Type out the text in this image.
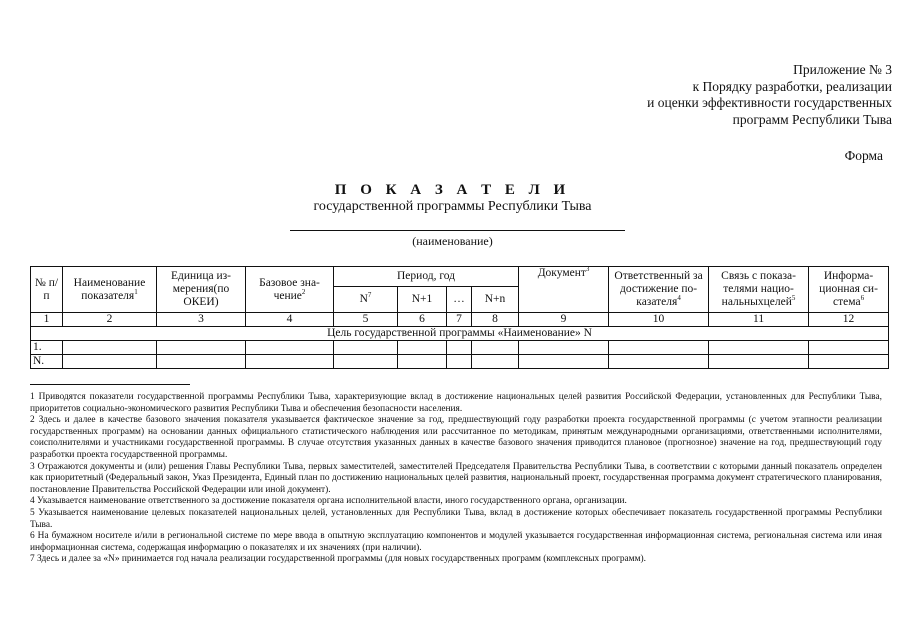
Приложение № 3
к Порядку разработки, реализации
и оценки эффективности государственных
программ Республики Тыва
Форма
П О К А З А Т Е Л И
государственной программы Республики Тыва
(наименование)
№ п/п	Наименование показателя$^1$	Единица из-мерения(по ОКЕИ)	Базовое зна-чение$^2$	Период, год				Документ$^3$	Ответственный за достижение по-казателя$^4$	Связь с показа-телями нацио-нальныхцелей$^5$	Информа-ционная си-стема$^6$
				$N^7$	N+1	…	N+n				
1	2	3	4	5	6	7	8	9	10	11	12
Цель государственной программы «Наименование» N											
1.											
N.											

1 Приводятся показатели государственной программы Республики Тыва, характеризующие вклад в достижение национальных целей развития Российской Федерации, установленных для Республики Тыва, приоритетов социально-экономического развития Республики Тыва и обеспечения безопасности населения.

2 Здесь и далее в качестве базового значения показателя указывается фактическое значение за год, предшествующий году разработки проекта государственной программы (с учетом этапности реализации государственных программ) на основании данных официального статистического наблюдения или рассчитанное по методикам, принятым международными организациями, ответственными исполнителями, соисполнителями и участниками государственной программы. В случае отсутствия указанных данных в качестве базового значения приводится плановое (прогнозное) значение на год, предшествующий году разработки проекта государственной программы.

3 Отражаются документы и (или) решения Главы Республики Тыва, первых заместителей, заместителей Председателя Правительства Республики Тыва, в соответствии с которыми данный показатель определен как приоритетный (Федеральный закон, Указ Президента, Единый план по достижению национальных целей развития, национальный проект, государственная программа документ стратегического планирования, постановление Правительства Российской Федерации или иной документ).

4 Указывается наименование ответственного за достижение показателя органа исполнительной власти, иного государственного органа, организации.

5 Указывается наименование целевых показателей национальных целей, установленных для Республики Тыва, вклад в достижение которых обеспечивает показатель государственной программы Республики Тыва.

6 На бумажном носителе и/или в региональной системе по мере ввода в опытную эксплуатацию компонентов и модулей указывается государственная информационная система, региональная система или иная информационная система, содержащая информацию о показателях и их значениях (при наличии).

7 Здесь и далее за «N» принимается год начала реализации государственной программы (для новых государственных программ (комплексных программ).
